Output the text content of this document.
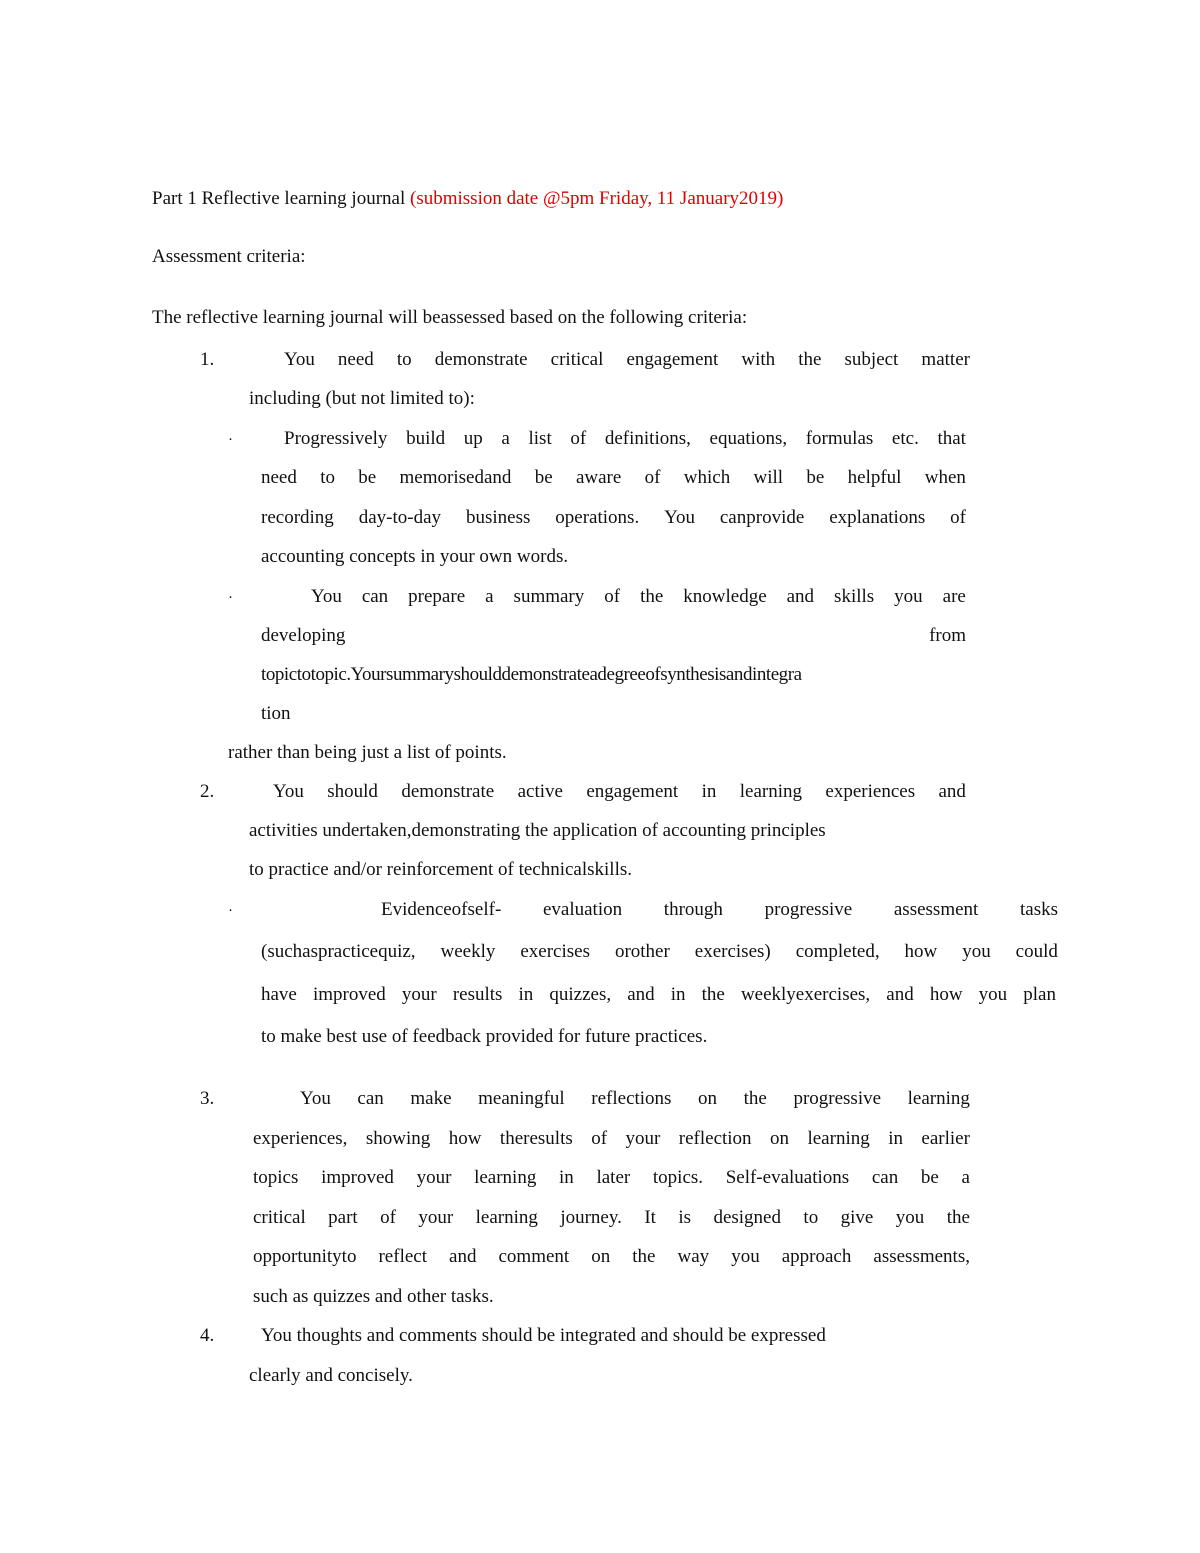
Part 1 Reflective learning journal (submission date @5pm Friday, 11 January2019)
Assessment criteria:
The reflective learning journal will beassessed based on the following criteria:
1.	You need to demonstrate critical engagement with the subject matter
including (but not limited to):
·	Progressively build up a list of definitions, equations, formulas etc. that
need to be memorisedand be aware of which will be helpful when
recording day-to-day business operations. You canprovide explanations of
accounting concepts in your own words.
·	You can prepare a summary of the knowledge and skills you are
developing	from
topictotopic.Yoursummaryshoulddemonstrateadegreeofsynthesisandintegra
tion
rather than being just a list of points.
2.	You should demonstrate active engagement in learning experiences and
activities undertaken,demonstrating the application of accounting principles
to practice and/or reinforcement of technicalskills.
·	Evidenceofself- evaluation through progressive assessment tasks
(suchaspracticequiz, weekly exercises orother exercises) completed, how you could
have improved your results in quizzes, and in the weeklyexercises, and how you plan
to make best use of feedback provided for future practices.
3.	You can make meaningful reflections on the progressive learning
experiences, showing how theresults of your reflection on learning in earlier
topics improved your learning in later topics. Self-evaluations can be a
critical part of your learning journey. It is designed to give you the
opportunityto reflect and comment on the way you approach assessments,
such as quizzes and other tasks.
4. You thoughts and comments should be integrated and should be expressed
clearly and concisely.
